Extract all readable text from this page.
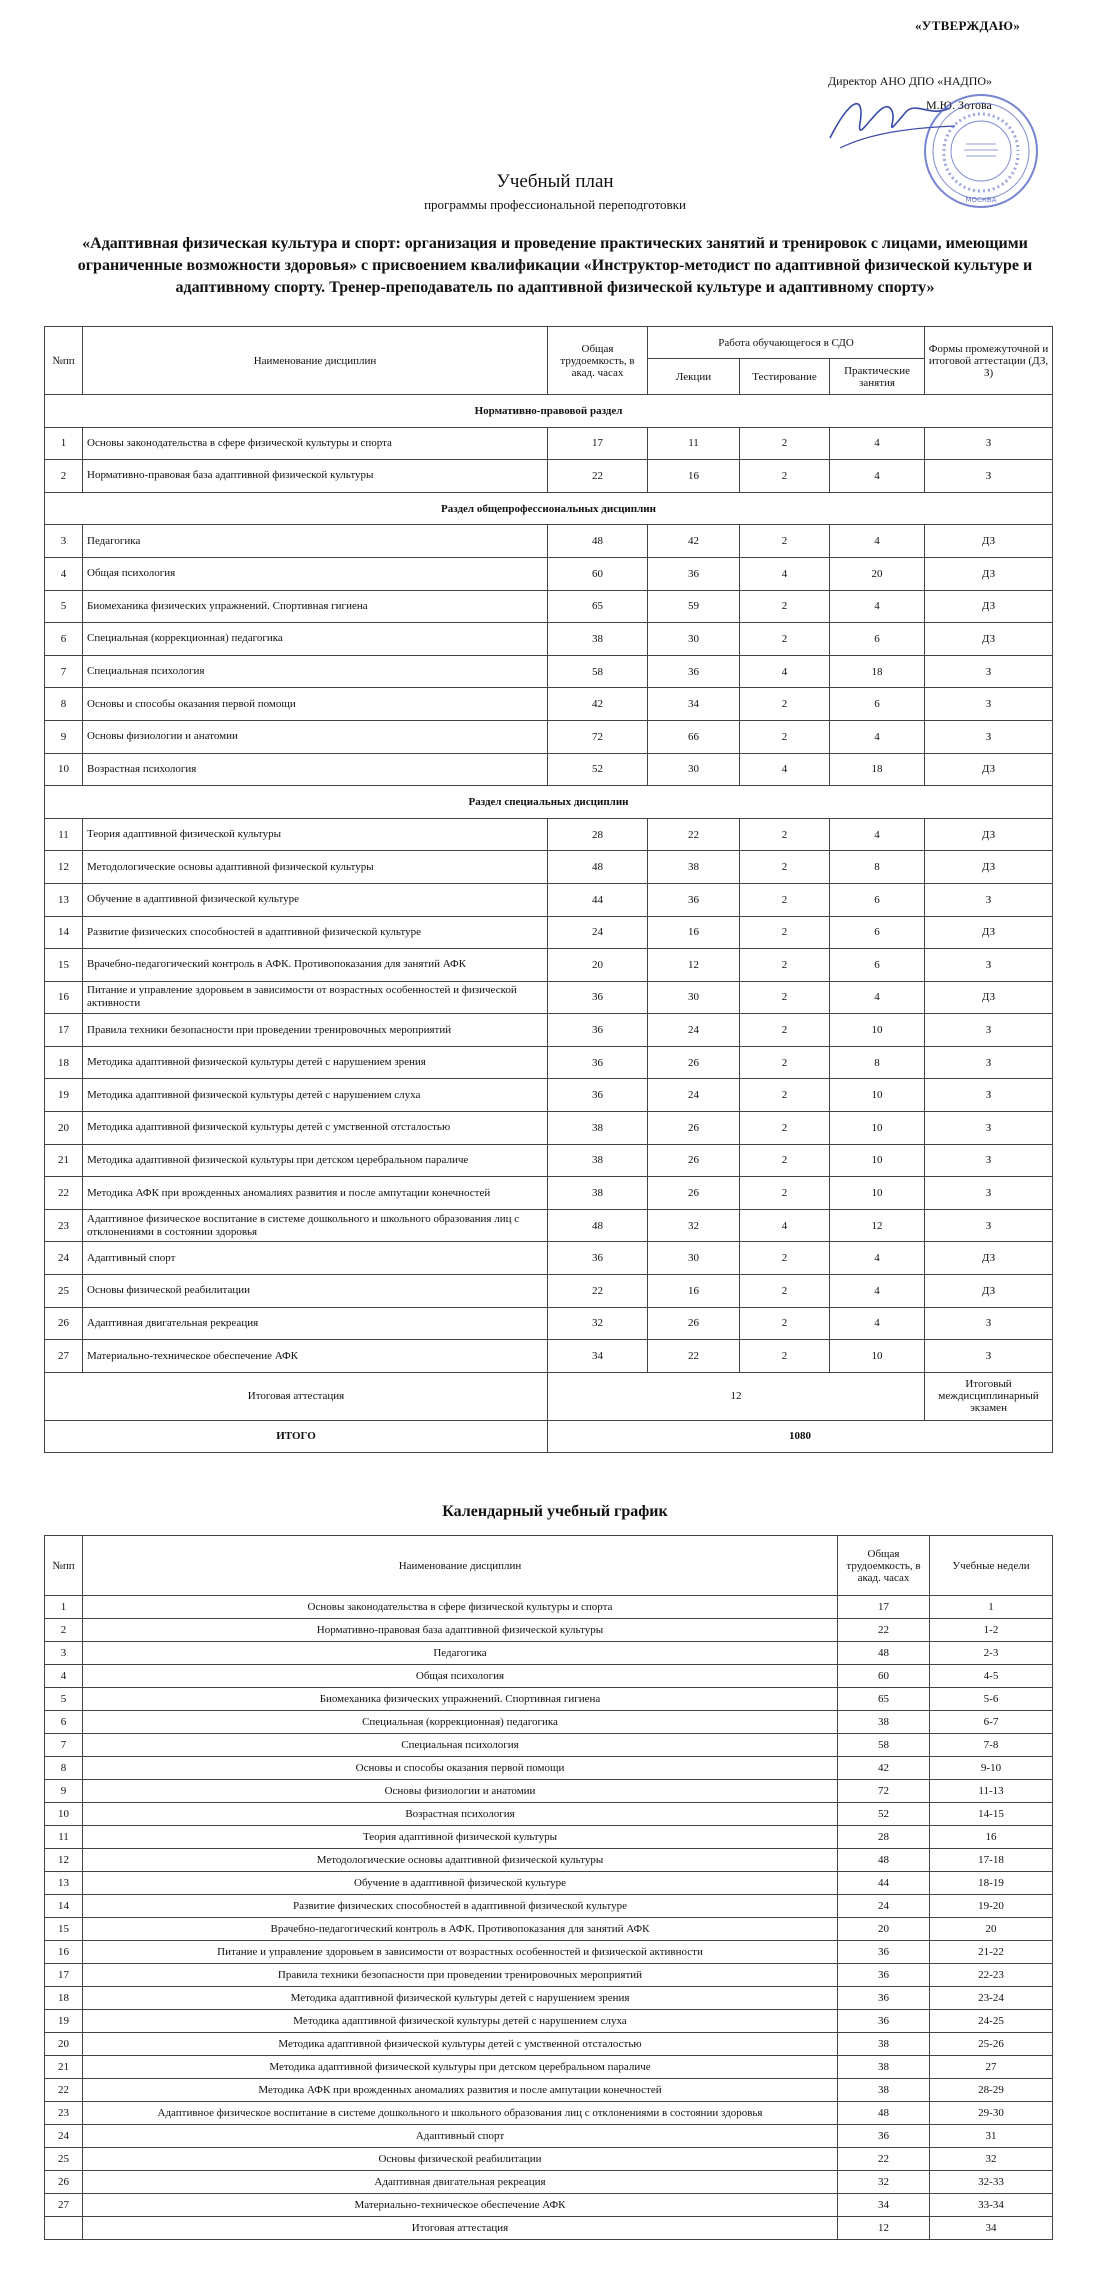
«УТВЕРЖДАЮ»
Директор АНО ДПО «НАДПО»
М.Ю. Зотова
МОСКВА
Учебный план
программы профессиональной переподготовки
«Адаптивная физическая культура и спорт: организация и проведение практических занятий и тренировок с лицами, имеющими ограниченные возможности здоровья» с присвоением квалификации «Инструктор-методист по адаптивной физической культуре и адаптивному спорту. Тренер-преподаватель по адаптивной физической культуре и адаптивному спорту»
№пп	Наименование дисциплин	Общая трудоемкость, в акад. часах	Работа обучающегося в СДО			Формы промежуточной и итоговой аттестации (ДЗ, З)
			Лекции	Тестирование	Практические занятия	
Нормативно-правовой раздел						
1	Основы законодательства в сфере физической культуры и спорта	17	11	2	4	З
2	Нормативно-правовая база адаптивной физической культуры	22	16	2	4	З
Раздел общепрофессиональных дисциплин						
3	Педагогика	48	42	2	4	ДЗ
4	Общая психология	60	36	4	20	ДЗ
5	Биомеханика физических упражнений. Спортивная гигиена	65	59	2	4	ДЗ
6	Специальная (коррекционная) педагогика	38	30	2	6	ДЗ
7	Специальная психология	58	36	4	18	З
8	Основы и способы оказания первой помощи	42	34	2	6	З
9	Основы физиологии и анатомии	72	66	2	4	З
10	Возрастная психология	52	30	4	18	ДЗ
Раздел специальных дисциплин						
11	Теория адаптивной физической культуры	28	22	2	4	ДЗ
12	Методологические основы адаптивной физической культуры	48	38	2	8	ДЗ
13	Обучение в адаптивной физической культуре	44	36	2	6	З
14	Развитие физических способностей в адаптивной физической культуре	24	16	2	6	ДЗ
15	Врачебно-педагогический контроль в АФК. Противопоказания для занятий АФК	20	12	2	6	З
16	Питание и управление здоровьем в зависимости от возрастных особенностей и физической активности	36	30	2	4	ДЗ
17	Правила техники безопасности при проведении тренировочных мероприятий	36	24	2	10	З
18	Методика адаптивной физической культуры детей с нарушением зрения	36	26	2	8	З
19	Методика адаптивной физической культуры детей с нарушением слуха	36	24	2	10	З
20	Методика адаптивной физической культуры детей с умственной отсталостью	38	26	2	10	З
21	Методика адаптивной физической культуры при детском церебральном параличе	38	26	2	10	З
22	Методика АФК при врожденных аномалиях развития и после ампутации конечностей	38	26	2	10	З
23	Адаптивное физическое воспитание в системе дошкольного и школьного образования лиц с отклонениями в состоянии здоровья	48	32	4	12	З
24	Адаптивный спорт	36	30	2	4	ДЗ
25	Основы физической реабилитации	22	16	2	4	ДЗ
26	Адаптивная двигательная рекреация	32	26	2	4	З
27	Материально-техническое обеспечение АФК	34	22	2	10	З
Итоговая аттестация		12				Итоговый междисциплинарный экзамен
ИТОГО		1080				
Календарный учебный график
№пп	Наименование дисциплин	Общая трудоемкость, в акад. часах	Учебные недели
1	Основы законодательства в сфере физической культуры и спорта	17	1
2	Нормативно-правовая база адаптивной физической культуры	22	1-2
3	Педагогика	48	2-3
4	Общая психология	60	4-5
5	Биомеханика физических упражнений. Спортивная гигиена	65	5-6
6	Специальная (коррекционная) педагогика	38	6-7
7	Специальная психология	58	7-8
8	Основы и способы оказания первой помощи	42	9-10
9	Основы физиологии и анатомии	72	11-13
10	Возрастная психология	52	14-15
11	Теория адаптивной физической культуры	28	16
12	Методологические основы адаптивной физической культуры	48	17-18
13	Обучение в адаптивной физической культуре	44	18-19
14	Развитие физических способностей в адаптивной физической культуре	24	19-20
15	Врачебно-педагогический контроль в АФК. Противопоказания для занятий АФК	20	20
16	Питание и управление здоровьем в зависимости от возрастных особенностей и физической активности	36	21-22
17	Правила техники безопасности при проведении тренировочных мероприятий	36	22-23
18	Методика адаптивной физической культуры детей с нарушением зрения	36	23-24
19	Методика адаптивной физической культуры детей с нарушением слуха	36	24-25
20	Методика адаптивной физической культуры детей с умственной отсталостью	38	25-26
21	Методика адаптивной физической культуры при детском церебральном параличе	38	27
22	Методика АФК при врожденных аномалиях развития и после ампутации конечностей	38	28-29
23	Адаптивное физическое воспитание в системе дошкольного и школьного образования лиц с отклонениями в состоянии здоровья	48	29-30
24	Адаптивный спорт	36	31
25	Основы физической реабилитации	22	32
26	Адаптивная двигательная рекреация	32	32-33
27	Материально-техническое обеспечение АФК	34	33-34
	Итоговая аттестация	12	34
